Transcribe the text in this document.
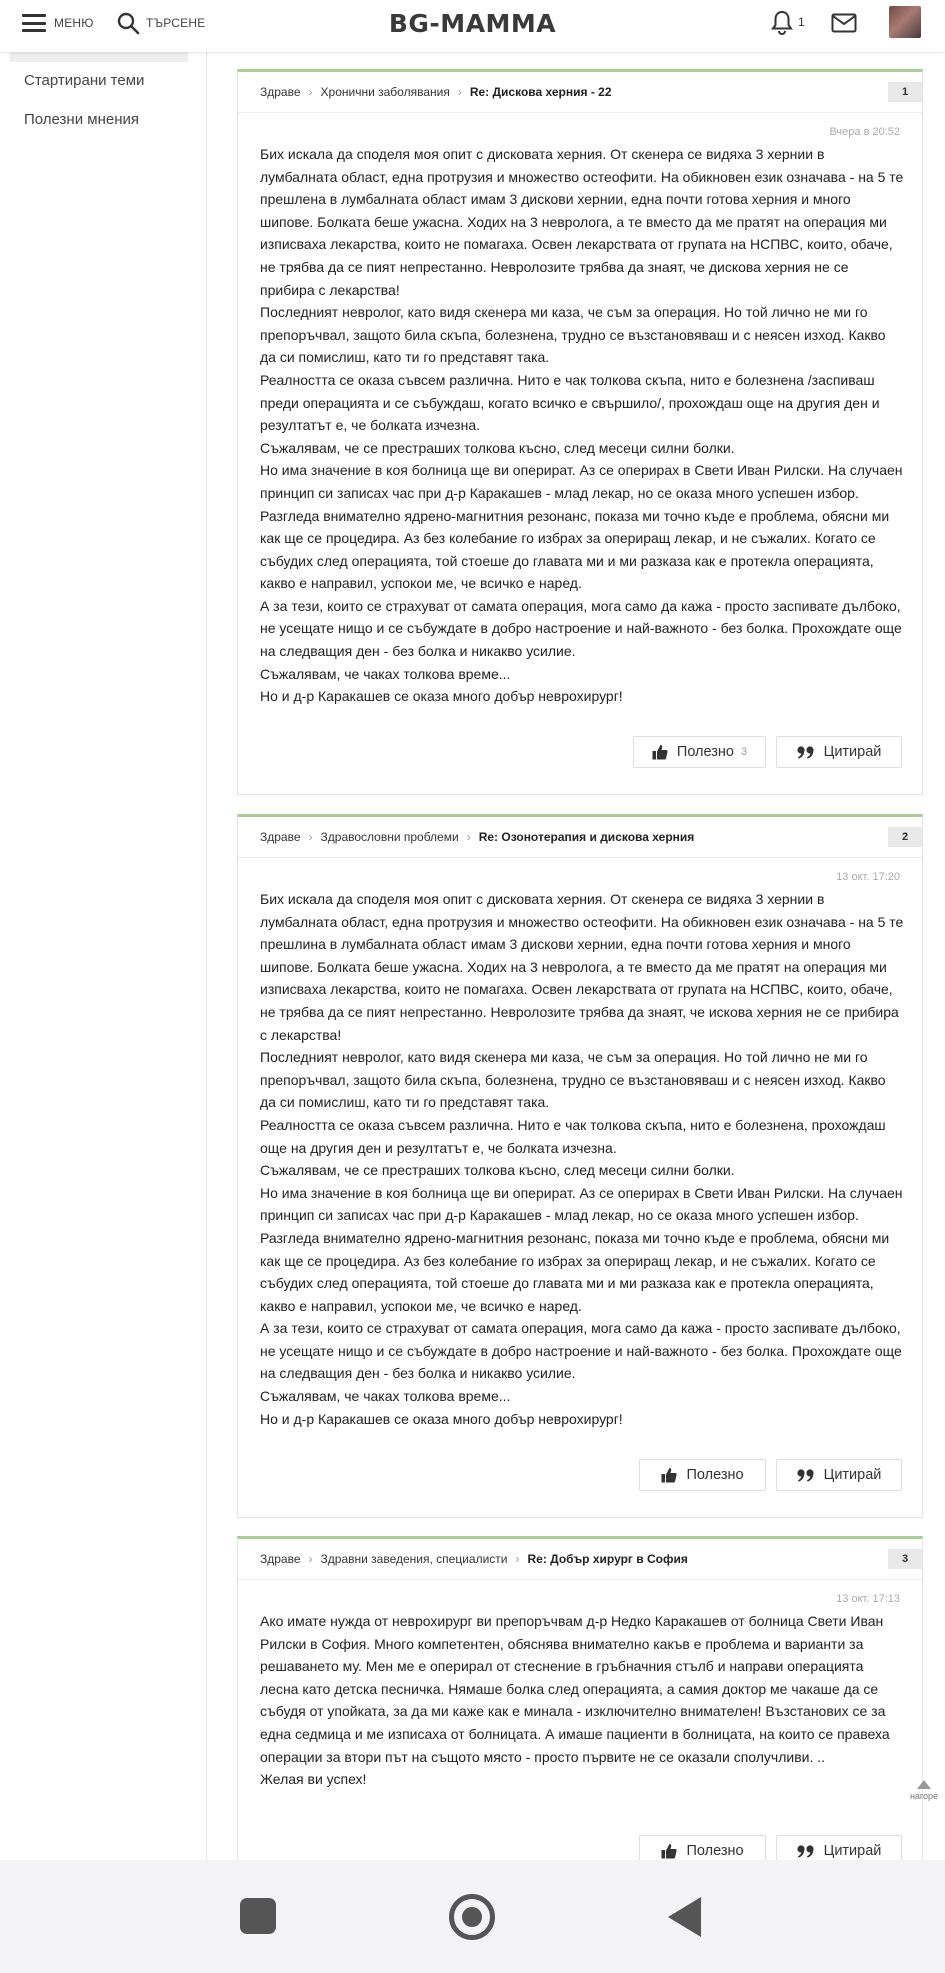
МЕНЮ	ТЪРСЕНЕ	BG-MAMMA	1
Стартирани теми
Полезни мнения
Здраве › Хронични заболявания › Re: Дискова херния - 22	1
Вчера в 20:52

Бих искала да споделя моя опит с дисковата херния. От скенера се видяха 3 хернии в лумбалната област, една протрузия и множество остеофити. На обикновен език означава - на 5 те прешлена в лумбалната област имам 3 дискови хернии, една почти готова херния и много шипове. Болката беше ужасна. Ходих на 3 невролога, а те вместо да ме пратят на операция ми изписваха лекарства, които не помагаха. Освен лекарствата от групата на НСПВС, които, обаче, не трябва да се пият непрестанно. Невролозите трябва да знаят, че дискова херния не се прибира с лекарства!

Последният невролог, като видя скенера ми каза, че съм за операция. Но той лично не ми го препоръчвал, защото била скъпа, болезнена, трудно се възстановяваш и с неясен изход. Какво да си помислиш, като ти го представят така.

Реалността се оказа съвсем различна. Нито е чак толкова скъпа, нито е болезнена /заспиваш преди операцията и се събуждаш, когато всичко е свършило/, прохождаш още на другия ден и резултатът е, че болката изчезна.

Съжалявам, че се престраших толкова късно, след месеци силни болки.

Но има значение в коя болница ще ви оперират. Аз се оперирах в Свети Иван Рилски. На случаен принцип си записах час при д-р Каракашев - млад лекар, но се оказа много успешен избор. Разгледа внимателно ядрено-магнитния резонанс, показа ми точно къде е проблема, обясни ми как ще се процедира. Аз без колебание го избрах за опериращ лекар, и не съжалих. Когато се събудих след операцията, той стоеше до главата ми и ми разказа как е протекла операцията, какво е направил, успокои ме, че всичко е наред.

А за тези, които се страхуват от самата операция, мога само да кажа - просто заспивате дълбоко, не усещате нищо и се събуждате в добро настроение и най-важното - без болка. Прохождате още на следващия ден - без болка и никакво усилие.

Съжалявам, че чаках толкова време...

Но и д-р Каракашев се оказа много добър неврохирург!

Полезно 3	Цитирай
Здраве › Здравословни проблеми › Re: Озонотерапия и дискова херния	2
13 окт. 17:20

Бих искала да споделя моя опит с дисковата херния. От скенера се видяха 3 хернии в лумбалната област, една протрузия и множество остеофити. На обикновен език означава - на 5 те прешлина в лумбалната област имам 3 дискови хернии, една почти готова херния и много шипове. Болката беше ужасна. Ходих на 3 невролога, а те вместо да ме пратят на операция ми изписваха лекарства, които не помагаха. Освен лекарствата от групата на НСПВС, които, обаче, не трябва да се пият непрестанно. Невролозите трябва да знаят, че искова херния не се прибира с лекарства!

Последният невролог, като видя скенера ми каза, че съм за операция. Но той лично не ми го препоръчвал, защото била скъпа, болезнена, трудно се възстановяваш и с неясен изход. Какво да си помислиш, като ти го представят така.

Реалността се оказа съвсем различна. Нито е чак толкова скъпа, нито е болезнена, прохождаш още на другия ден и резултатът е, че болката изчезна.

Съжалявам, че се престраших толкова късно, след месеци силни болки.

Но има значение в коя болница ще ви оперират. Аз се оперирах в Свети Иван Рилски. На случаен принцип си записах час при д-р Каракашев - млад лекар, но се оказа много успешен избор. Разгледа внимателно ядрено-магнитния резонанс, показа ми точно къде е проблема, обясни ми как ще се процедира. Аз без колебание го избрах за опериращ лекар, и не съжалих. Когато се събудих след операцията, той стоеше до главата ми и ми разказа как е протекла операцията, какво е направил, успокои ме, че всичко е наред.

А за тези, които се страхуват от самата операция, мога само да кажа - просто заспивате дълбоко, не усещате нищо и се събуждате в добро настроение и най-важното - без болка. Прохождате още на следващия ден - без болка и никакво усилие.

Съжалявам, че чаках толкова време...

Но и д-р Каракашев се оказа много добър неврохирург!

Полезно	Цитирай
Здраве › Здравни заведения, специалисти › Re: Добър хирург в София	3
13 окт. 17:13

Ако имате нужда от неврохирург ви препоръчвам д-р Недко Каракашев от болница Свети Иван Рилски в София. Много компетентен, обяснява внимателно какъв е проблема и варианти за решаването му. Мен ме е оперирал от стеснение в гръбначния стълб и направи операцията лесна като детска песничка. Нямаше болка след операцията, а самия доктор ме чакаше да се събудя от упойката, за да ми каже как е минала - изключително внимателен! Възстанових се за една седмица и ме изписаха от болницата. А имаше пациенти в болницата, на които се правеха операции за втори път на същото място - просто първите не се оказали сполучливи. ..

Желая ви успех!

Полезно	Цитирай
нагоре
